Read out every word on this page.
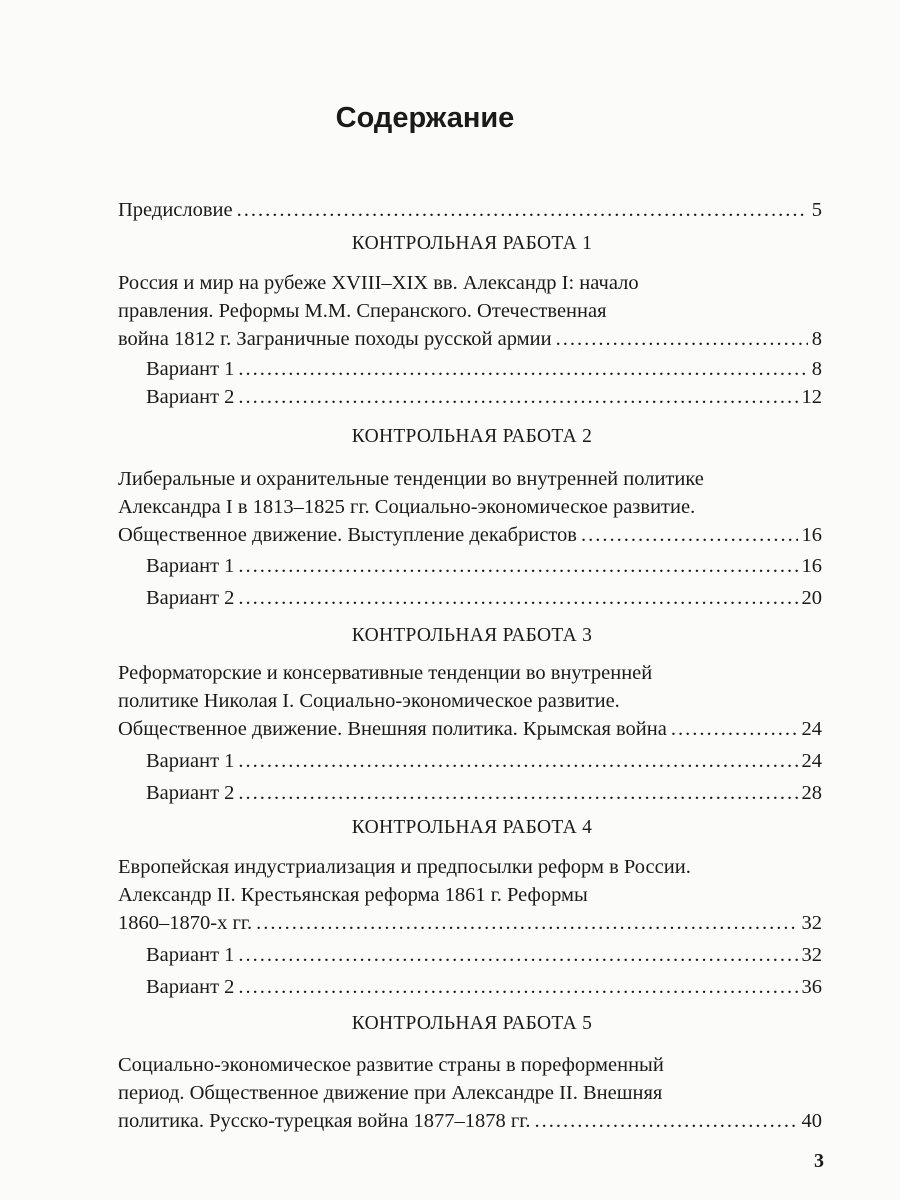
Содержание
Предисловие .....	5
КОНТРОЛЬНАЯ РАБОТА 1
Россия и мир на рубеже XVIII–XIX вв. Александр I: начало
правления. Реформы М.М. Сперанского. Отечественная
война 1812 г. Заграничные походы русской армии .....	8
Вариант 1 .....	8
Вариант 2 .....	12
КОНТРОЛЬНАЯ РАБОТА 2
Либеральные и охранительные тенденции во внутренней политике
Александра I в 1813–1825 гг. Социально-экономическое развитие.
Общественное движение. Выступление декабристов .....	16
Вариант 1 .....	16
Вариант 2 .....	20
КОНТРОЛЬНАЯ РАБОТА 3
Реформаторские и консервативные тенденции во внутренней
политике Николая I. Социально-экономическое развитие.
Общественное движение. Внешняя политика. Крымская война .....	24
Вариант 1 .....	24
Вариант 2 .....	28
КОНТРОЛЬНАЯ РАБОТА 4
Европейская индустриализация и предпосылки реформ в России.
Александр II. Крестьянская реформа 1861 г. Реформы
1860–1870-х гг. .....	32
Вариант 1 .....	32
Вариант 2 .....	36
КОНТРОЛЬНАЯ РАБОТА 5
Социально-экономическое развитие страны в пореформенный
период. Общественное движение при Александре II. Внешняя
политика. Русско-турецкая война 1877–1878 гг. .....	40
3
